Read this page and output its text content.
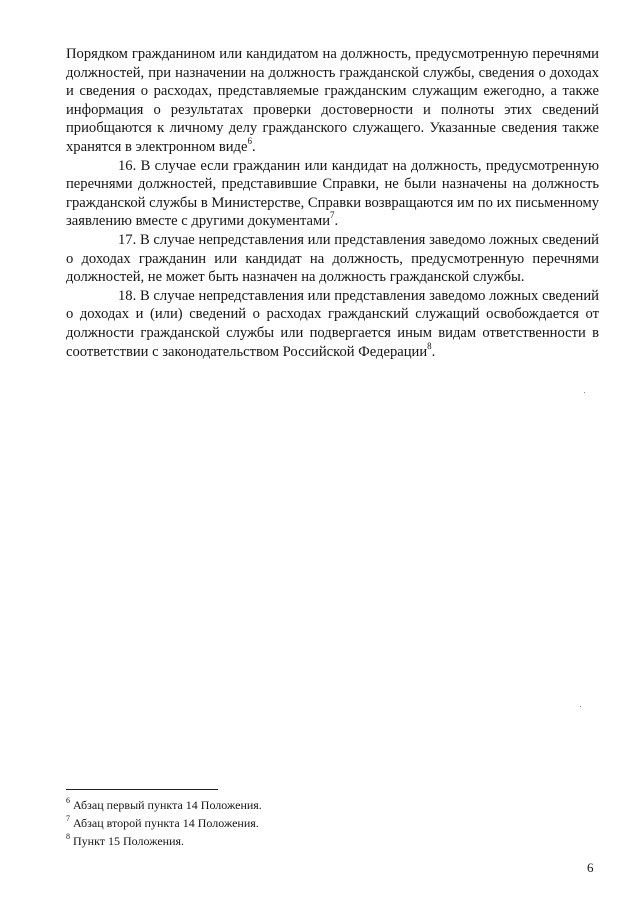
Порядком гражданином или кандидатом на должность, предусмотренную перечнями должностей, при назначении на должность гражданской службы, сведения о доходах и сведения о расходах, представляемые гражданским служащим ежегодно, а также информация о результатах проверки достоверности и полноты этих сведений приобщаются к личному делу гражданского служащего. Указанные сведения также хранятся в электронном виде$^6$.

16. В случае если гражданин или кандидат на должность, предусмотренную перечнями должностей, представившие Справки, не были назначены на должность гражданской службы в Министерстве, Справки возвращаются им по их письменному заявлению вместе с другими документами$^7$.

17. В случае непредставления или представления заведомо ложных сведений о доходах гражданин или кандидат на должность, предусмотренную перечнями должностей, не может быть назначен на должность гражданской службы.

18. В случае непредставления или представления заведомо ложных сведений о доходах и (или) сведений о расходах гражданский служащий освобождается от должности гражданской службы или подвергается иным видам ответственности в соответствии с законодательством Российской Федерации$^8$.

$^6$ Абзац первый пункта 14 Положения.

$^7$ Абзац второй пункта 14 Положения.

$^8$ Пункт 15 Положения.

6
